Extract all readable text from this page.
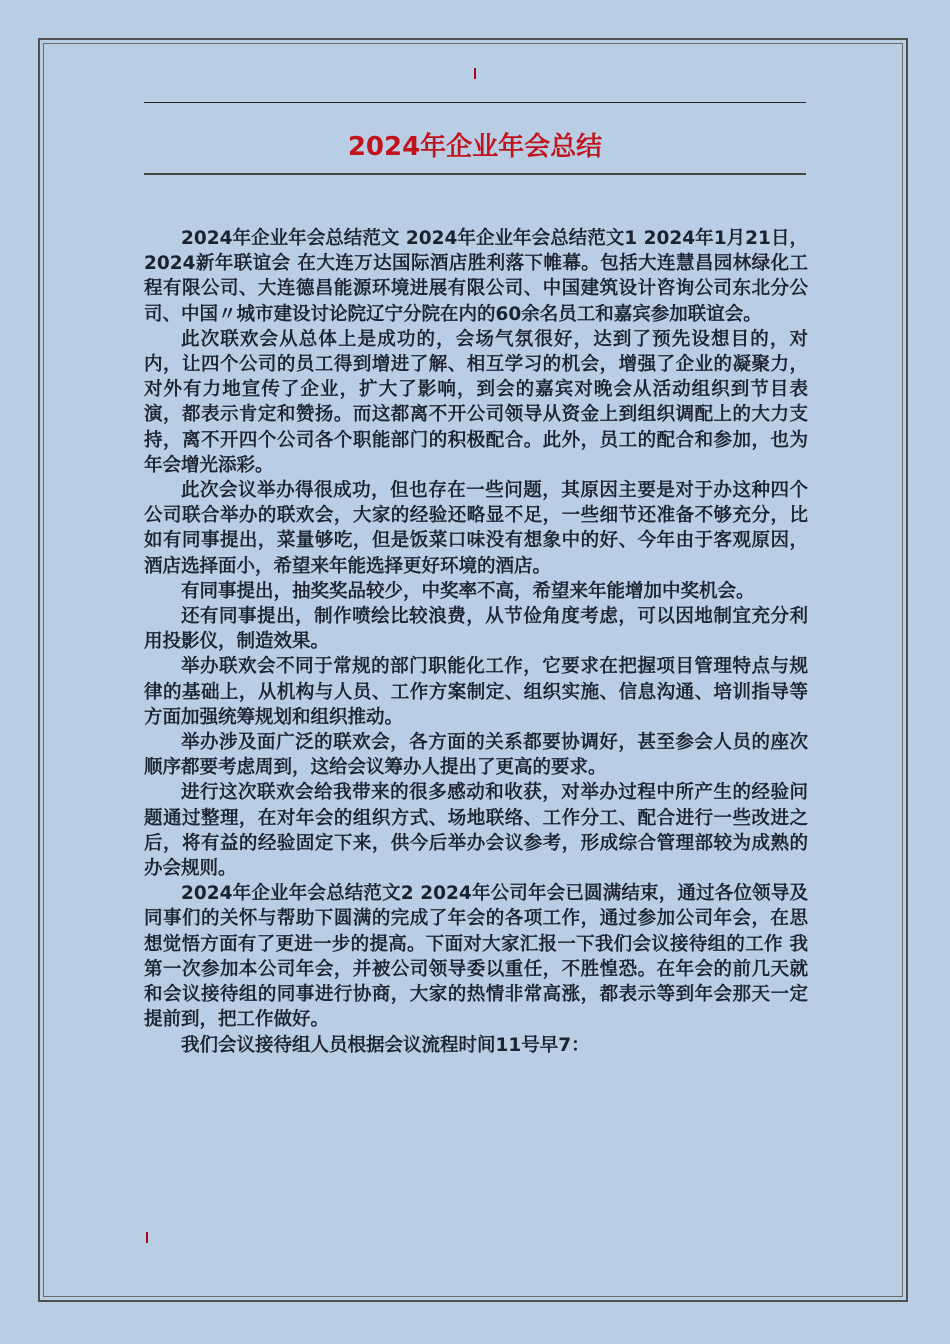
2024年企业年会总结

2024年企业年会总结范文 2024年企业年会总结范文1 2024年1月21日， 2024新年联谊会 在大连万达国际酒店胜利落下帷幕。包括大连慧昌园林绿化工程有限公司、大连德昌能源环境进展有限公司、中国建筑设计咨询公司东北分公司、中国〃城市建设讨论院辽宁分院在内的60余名员工和嘉宾参加联谊会。

此次联欢会从总体上是成功的，会场气氛很好，达到了预先设想目的，对内，让四个公司的员工得到增进了解、相互学习的机会，增强了企业的凝聚力，对外有力地宣传了企业，扩大了影响，到会的嘉宾对晚会从活动组织到节目表演，都表示肯定和赞扬。而这都离不开公司领导从资金上到组织调配上的大力支持，离不开四个公司各个职能部门的积极配合。此外，员工的配合和参加，也为年会增光添彩。

此次会议举办得很成功，但也存在一些问题，其原因主要是对于办这种四个公司联合举办的联欢会，大家的经验还略显不足，一些细节还准备不够充分，比如有同事提出，菜量够吃，但是饭菜口味没有想象中的好、今年由于客观原因，酒店选择面小，希望来年能选择更好环境的酒店。

有同事提出，抽奖奖品较少，中奖率不高，希望来年能增加中奖机会。

还有同事提出，制作喷绘比较浪费，从节俭角度考虑，可以因地制宜充分利用投影仪，制造效果。

举办联欢会不同于常规的部门职能化工作，它要求在把握项目管理特点与规律的基础上，从机构与人员、工作方案制定、组织实施、信息沟通、培训指导等方面加强统筹规划和组织推动。

举办涉及面广泛的联欢会，各方面的关系都要协调好，甚至参会人员的座次顺序都要考虑周到，这给会议筹办人提出了更高的要求。

进行这次联欢会给我带来的很多感动和收获，对举办过程中所产生的经验问题通过整理，在对年会的组织方式、场地联络、工作分工、配合进行一些改进之后，将有益的经验固定下来，供今后举办会议参考，形成综合管理部较为成熟的办会规则。

2024年企业年会总结范文2 2024年公司年会已圆满结束，通过各位领导及同事们的关怀与帮助下圆满的完成了年会的各项工作，通过参加公司年会，在思想觉悟方面有了更进一步的提高。下面对大家汇报一下我们会议接待组的工作 我第一次参加本公司年会，并被公司领导委以重任，不胜惶恐。在年会的前几天就和会议接待组的同事进行协商，大家的热情非常高涨，都表示等到年会那天一定提前到，把工作做好。

我们会议接待组人员根据会议流程时间11号早7：
